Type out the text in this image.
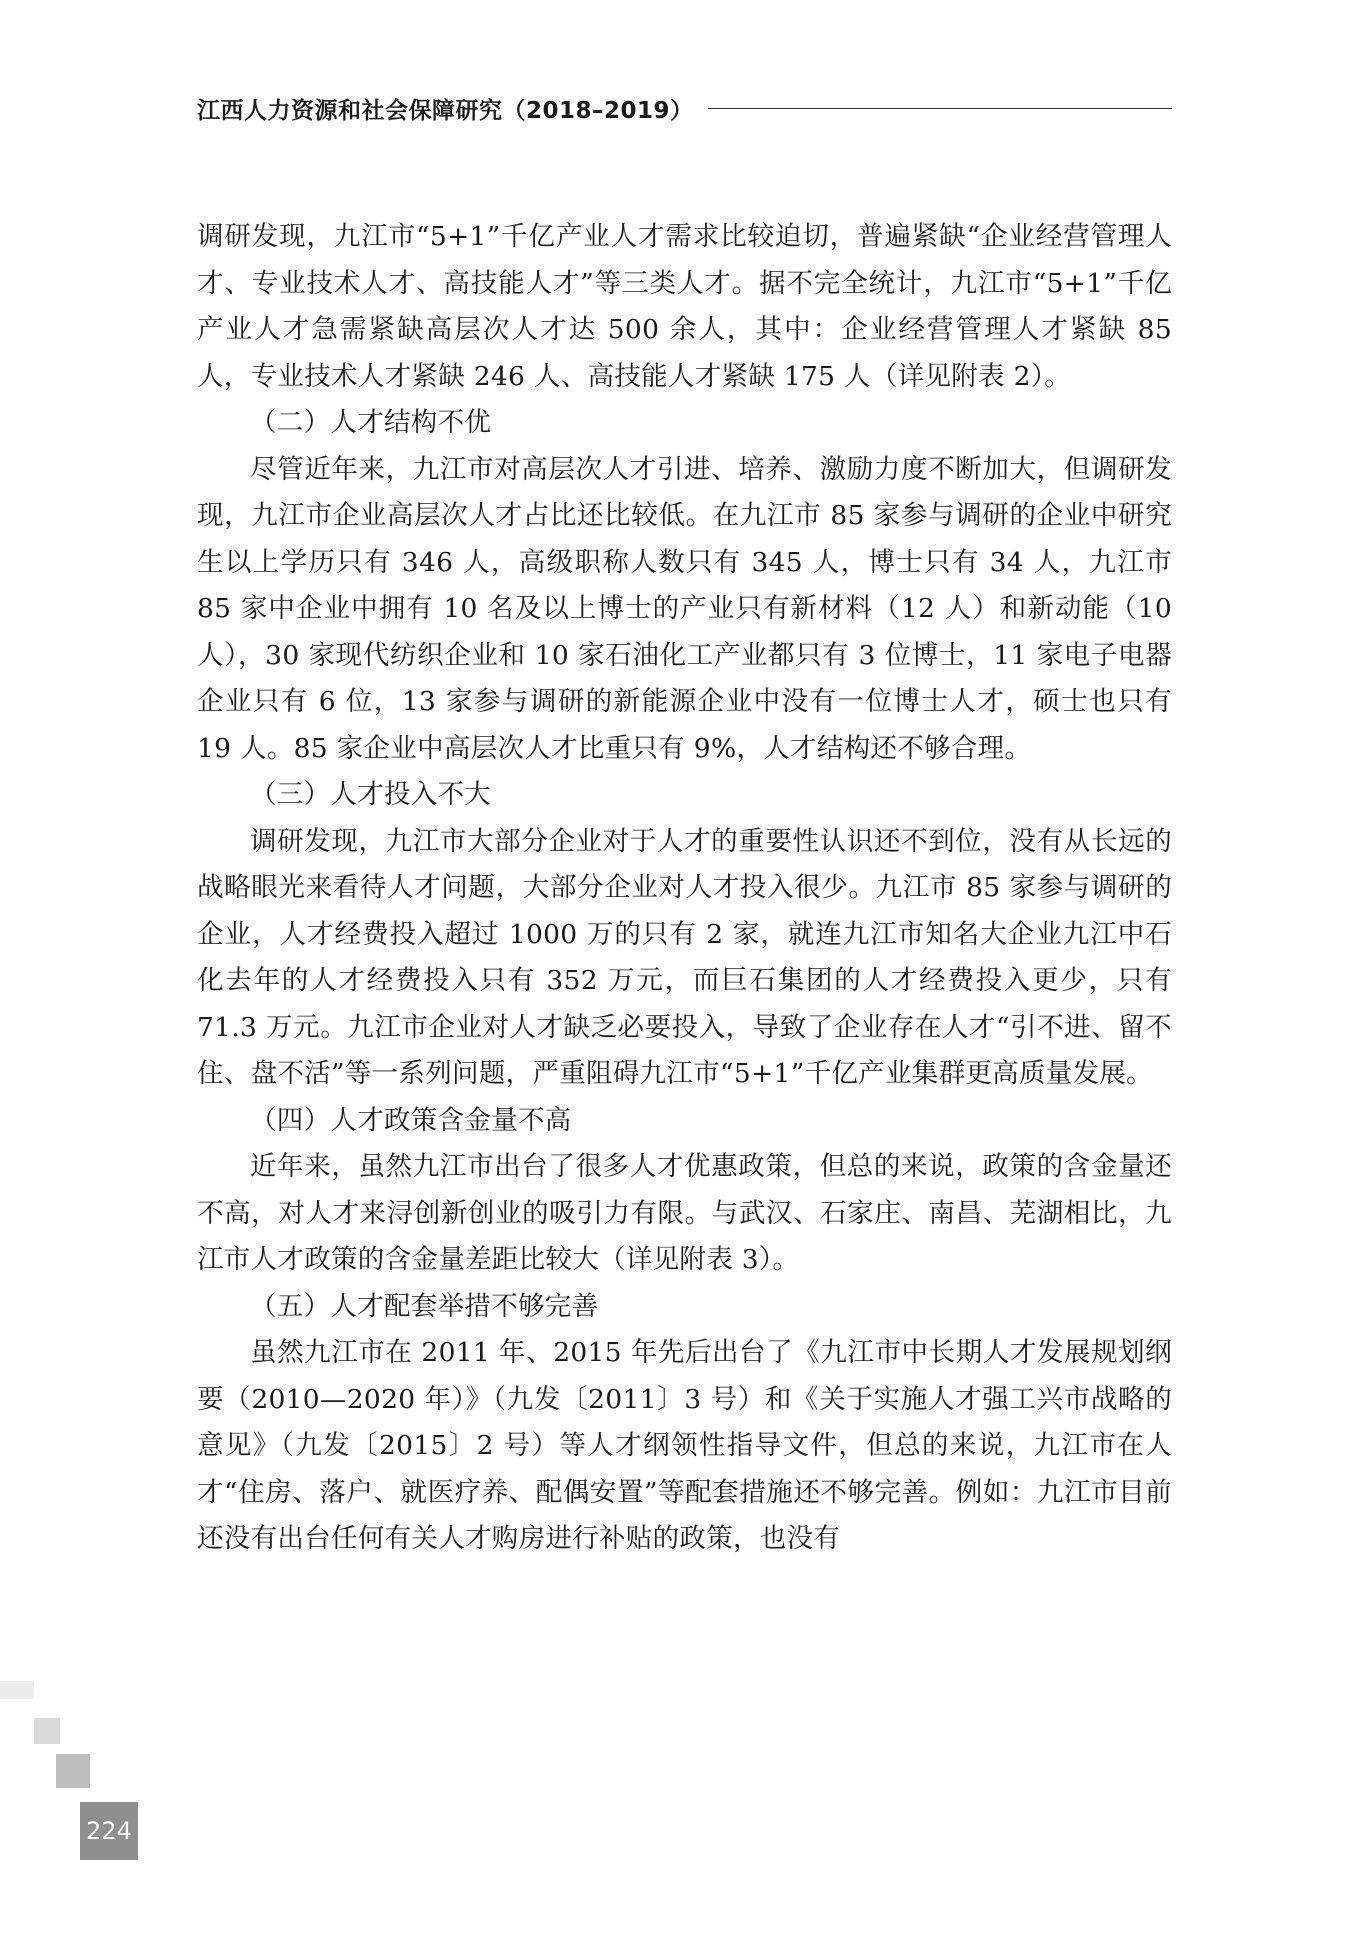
江西人力资源和社会保障研究（2018–2019）

调研发现，九江市“5+1”千亿产业人才需求比较迫切，普遍紧缺“企业经营管理人才、专业技术人才、高技能人才”等三类人才。据不完全统计，九江市“5+1”千亿产业人才急需紧缺高层次人才达 500 余人，其中：企业经营管理人才紧缺 85 人，专业技术人才紧缺 246 人、高技能人才紧缺 175 人（详见附表 2）。

（二）人才结构不优

尽管近年来，九江市对高层次人才引进、培养、激励力度不断加大，但调研发现，九江市企业高层次人才占比还比较低。在九江市 85 家参与调研的企业中研究生以上学历只有 346 人，高级职称人数只有 345 人，博士只有 34 人，九江市 85 家中企业中拥有 10 名及以上博士的产业只有新材料（12 人）和新动能（10 人），30 家现代纺织企业和 10 家石油化工产业都只有 3 位博士，11 家电子电器企业只有 6 位，13 家参与调研的新能源企业中没有一位博士人才，硕士也只有 19 人。85 家企业中高层次人才比重只有 9%，人才结构还不够合理。

（三）人才投入不大

调研发现，九江市大部分企业对于人才的重要性认识还不到位，没有从长远的战略眼光来看待人才问题，大部分企业对人才投入很少。九江市 85 家参与调研的企业，人才经费投入超过 1000 万的只有 2 家，就连九江市知名大企业九江中石化去年的人才经费投入只有 352 万元，而巨石集团的人才经费投入更少，只有 71.3 万元。九江市企业对人才缺乏必要投入，导致了企业存在人才“引不进、留不住、盘不活”等一系列问题，严重阻碍九江市“5+1”千亿产业集群更高质量发展。

（四）人才政策含金量不高

近年来，虽然九江市出台了很多人才优惠政策，但总的来说，政策的含金量还不高，对人才来浔创新创业的吸引力有限。与武汉、石家庄、南昌、芜湖相比，九江市人才政策的含金量差距比较大（详见附表 3）。

（五）人才配套举措不够完善

虽然九江市在 2011 年、2015 年先后出台了《九江市中长期人才发展规划纲要（2010—2020 年）》（九发〔2011〕3 号）和《关于实施人才强工兴市战略的意见》（九发〔2015〕2 号）等人才纲领性指导文件，但总的来说，九江市在人才“住房、落户、就医疗养、配偶安置”等配套措施还不够完善。例如：九江市目前还没有出台任何有关人才购房进行补贴的政策，也没有

224
